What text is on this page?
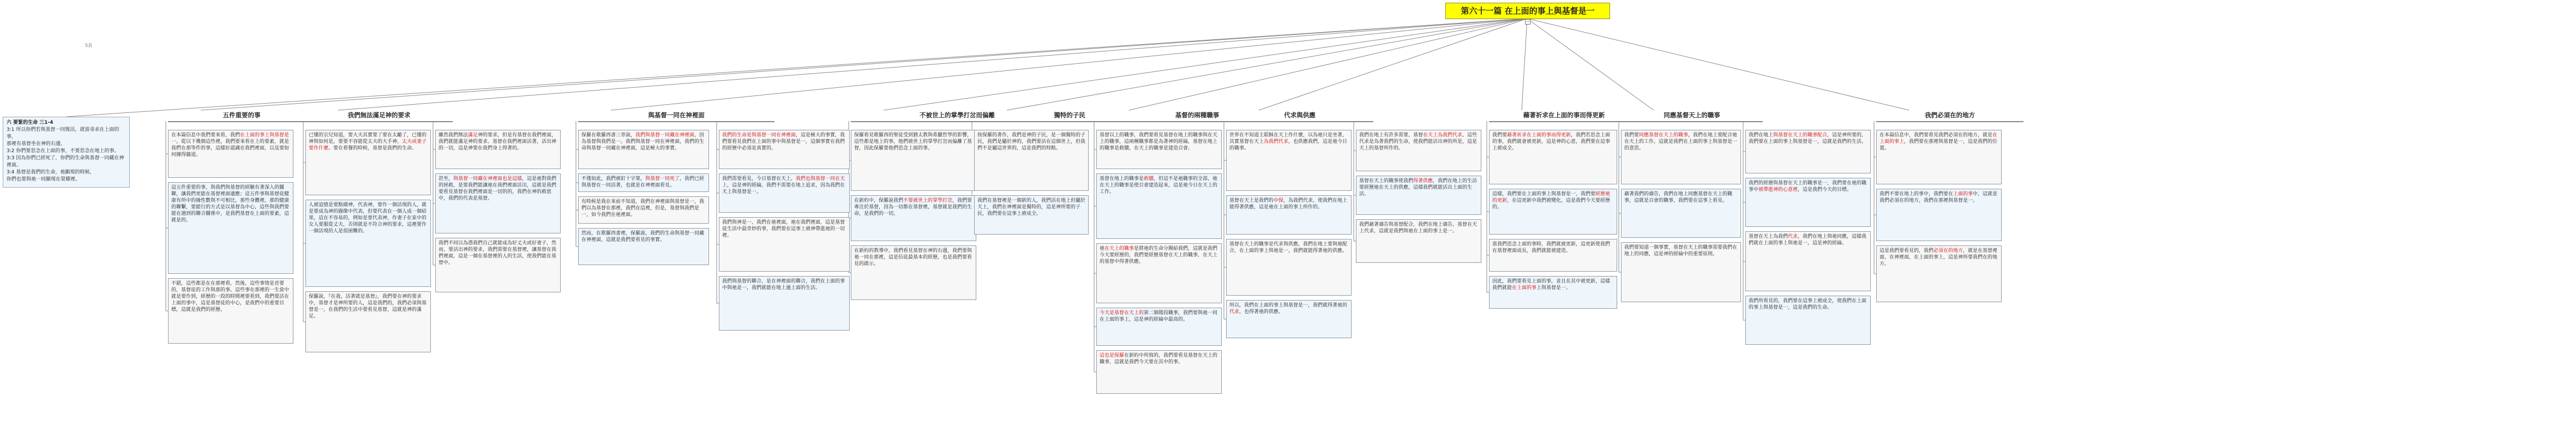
第六十一篇 在上面的事上與基督是一
−
5頁
六 要緊的生命 三1-4
3:1 所以你們若與基督一同復活，就當尋求在上面的事，
那裡有基督坐在神的右邊。
3:2 你們要思念在上面的事，不要思念在地上的事。
3:3 因為你們已經死了，你們的生命與基督一同藏在神裡面。
3:4 基督是我們的生命，祂顯現的時候，
你們也要與祂一同顯現在榮耀裡。
五件重要的事
在本篇信息中我們要來看，我們在上面的事上與基督是一。從以下幾個這些裡，我們要來看在上的要素，就是我們在那等件的事，這樣好認識在我們裡面，以及要如何據得牆道。
這五件重要的事，與我們與基督的經驗有著深入的關聯，讓我們更能在基督裡面適應；這五件事與基督徒健康有所中的緣性數與不可相比，那些身體裡，那的健康的聯繫，要能行的方式是以基督為中心，這些與我們要能在遇到的聯合關係中，是我們基督在上面的要素，這就是的。
不錯，這些都是在在那裡看，然後，這些事情是首要的，基督徒的工作與那的事。這些事在那裡的一生當中就是要作到，經歷的一段的時間裡要看到，我們要活在上面的事中，這是基督徒的中心，是我們中的重要目標，這就是我們的經歷。
我們無法滿足神的要求
已懂的宗兒知道，要大夫其實要了要在太勵了，已懂的神與如何是，要要不容能從太夫的大手神。太夫或妻子要作什麼。要在看餐的時候，基督是我們的生命。
人被追憶是要點綴神，代表神，要作一個活現的人，就是要成為神的圖像中代表，但要代表在一個人成一個結果，這在不容易的，例如是要代表神，作妻子在家中的女人要服從丈夫，否則就是不符合神的要求，這裡要作一個活現的人是很困難的。
保羅說，『在我，活著就是基督』，我們要在神的要求中，基督才是神所要的人，這是我們的，我們必須與基督是一，在我們的生活中要看見基督，這就是神的滿足。
雖然我們無法滿足神的要求，但是有基督在我們裡面，我們就能滿足神的要求。基督在我們裡面活著，活出神的一切，這是神要在我們身上得著的。
甚至，與基督一同藏在神裡面也是這樣，這是祂對我們的拯救，是要我們能讓祂在我們裡面活出，這就是我們要看見基督在我們裡面是一切的的，我們在神的救恩中，我們的代表是基督。
我們不同以為憑我們自己就能成為好丈夫或好妻子，然而，要活出神的要求，我們需要在基督裡，讓基督在我們裡面，這是一個在基督裡的人的生活，使我們能在基督中。
與基督一同在神裡面
保羅在歌羅西書三章說，我們與基督一同藏在神裡面，因為基督與我們是一。我們與基督一同在神裡面，我們的生命與基督一同藏在神裡面，這是極大的事實。
不僅如此，我們被釘十字架，與基督一同死了，我們已經與基督在一同活著，也就是在神裡面看見。
有時候是我在來前不知道，我們在神裡面與基督是一，我們以為基督在那裡，我們在這裡，但是，基督與我們是一，如今我們在祂裡面。
然而，在歌羅西書裡，保羅說，我們的生命與基督一同藏在神裡面，這就是我們要看見的事實。
我們的生命是與基督一同在神裡面，這是極大的事實，我們要看見我們在上面的事中與基督是一，這個事實在我們的經歷中必須是真實的。
我們需要看見，今日基督在天上，我們也與基督一同在天上，這是神的經綸，我們不需要在地上追求，因為我們在天上與基督是一。
我們與神是一，我們在祂裡面，祂在我們裡面，這是基督徒生活中最奇妙的事，我們要在這事上被神帶進祂的一切裡。
我們與基督的聯合，是在神裡面的聯合，我們在上面的事中與祂是一，我們就能在地上過上面的生活。
不被世上的掌學打岔而偏離
保羅看見歌羅西的聖徒受到猶太教與希臘哲學的影響，這些都是地上的事，他們被世上的掌學打岔而偏離了基督，因此保羅要他們思念上面的事。
在新約中，保羅說我們不要被世上的掌學打岔，我們要專注於基督，因為一切都在基督裡，基督就是我們的生命，是我們的一切。
在新約的教導中，我們看見基督在神的右邊，我們要與祂一同在那裡，這是信徒最基本的經歷，也是我們要看見的啟示。
獨特的子民
按保羅的著作，我們是神的子民，是一個獨特的子民，我們是屬於神的，我們要活在這個世上，但我們不是屬這世界的，這是我們的特點。
我們在基督裡是一個新的人，我們活在地上但屬於天上，我們在神裡面是獨特的，這是神所要的子民，我們要在這事上被成全。
基督的兩種職事
基督以上的職事，我們要看見基督在地上的職事與在天上的職事，這兩種職事都是為著神的經綸，基督在地上的職事是救贖，在天上的職事是建造召會。
基督在地上的職事是救贖，但這不是祂職事的全部，祂在天上的職事是使召會建造起來，這是祂今日在天上的工作。
祂在天上的職事是將祂的生命分賜給我們，這就是我們今天要經歷的，我們要經歷基督在天上的職事，在天上的基督中得著供應。
今天是基督在天上的第二個階段職事，我們要與祂一同在上面的事上，這是神的經綸中最高的。
這也是保羅在新約中所寫的，我們要看見基督在天上的職事，這就是我們今天要在其中的事。
代求與供應
世界在不知道主耶穌在天上作什麼，以為祂只是坐著，其實基督在天上為我們代求，也供應我們，這是祂今日的職事。
基督在天上是我們的中保，為我們代求，使我們在地上能得著供應，這是祂在上面的事上所作的。
基督在天上的職事是代求與供應，我們在地上要與祂配合，在上面的事上與祂是一，我們就能得著祂的供應。
所以，我們在上面的事上與基督是一，我們就得著祂的代求，也得著祂的供應。
我們在地上有許多需要，基督在天上為我們代求，這些代求是為著我們的生命，使我們能活出神的所是，這是天上的基督所作的。
基督在天上的職事使我們得著供應，我們在地上的生活要經歷祂在天上的供應，這樣我們就能活出上面的生活。
我們藉著禱告與基督配合，我們在地上禱告，基督在天上代求，這就是我們與祂在上面的事上是一。
藉著祈求在上面的事而得更新
我們要藉著祈求在上面的事而得更新，我們若思念上面的事，我們就會被更新，這是神的心意，我們要在這事上被成全。
這樣，我們要在上面的事上與基督是一，我們要經歷祂的更新，在這更新中我們被變化，這是我們今天要經歷的。
當我們思念上面的事時，我們就被更新，這更新使我們在基督裡面成長，我們就能被建造。
因此，我們要看見上面的事，並且在其中被更新，這樣我們就能在上面的事上與基督是一。
同應基督天上的職事
我們要同應基督在天上的職事，我們在地上要配合祂在天上的工作，這就是我們在上面的事上與基督是一的意思。
藉著我們的禱告，我們在地上同應基督在天上的職事，這就是召會的職事，我們要在這事上看見。
我們要知道一個事實，基督在天上的職事需要我們在地上的同應，這是神的經綸中的重要原則。
我們在地上與基督在天上的職事配合，這是神所要的，我們要在上面的事上與基督是一，這就是我們的生活。
我們的經歷與基督在天上的職事是一，我們要在祂的職事中被帶進神的心意裡，這是我們今天的目標。
基督在天上為我們代求，我們在地上與祂同應，這樣我們就在上面的事上與祂是一，這是神的經綸。
我們所看見的，我們要在這事上被成全，使我們在上面的事上與基督是一，這是我們的生命。
我們必須在的地方
在本篇信息中，我們要看見我們必須在的地方，就是在上面的事上，我們要在那裡與基督是一，這是我們的位置。
我們不要在地上的事中，我們要在上面的事中，這就是我們必須在的地方，我們在那裡與基督是一。
這是我們要看見的，我們必須在的地方，就是在基督裡面，在神裡面，在上面的事上，這是神所要我們在的地方。
